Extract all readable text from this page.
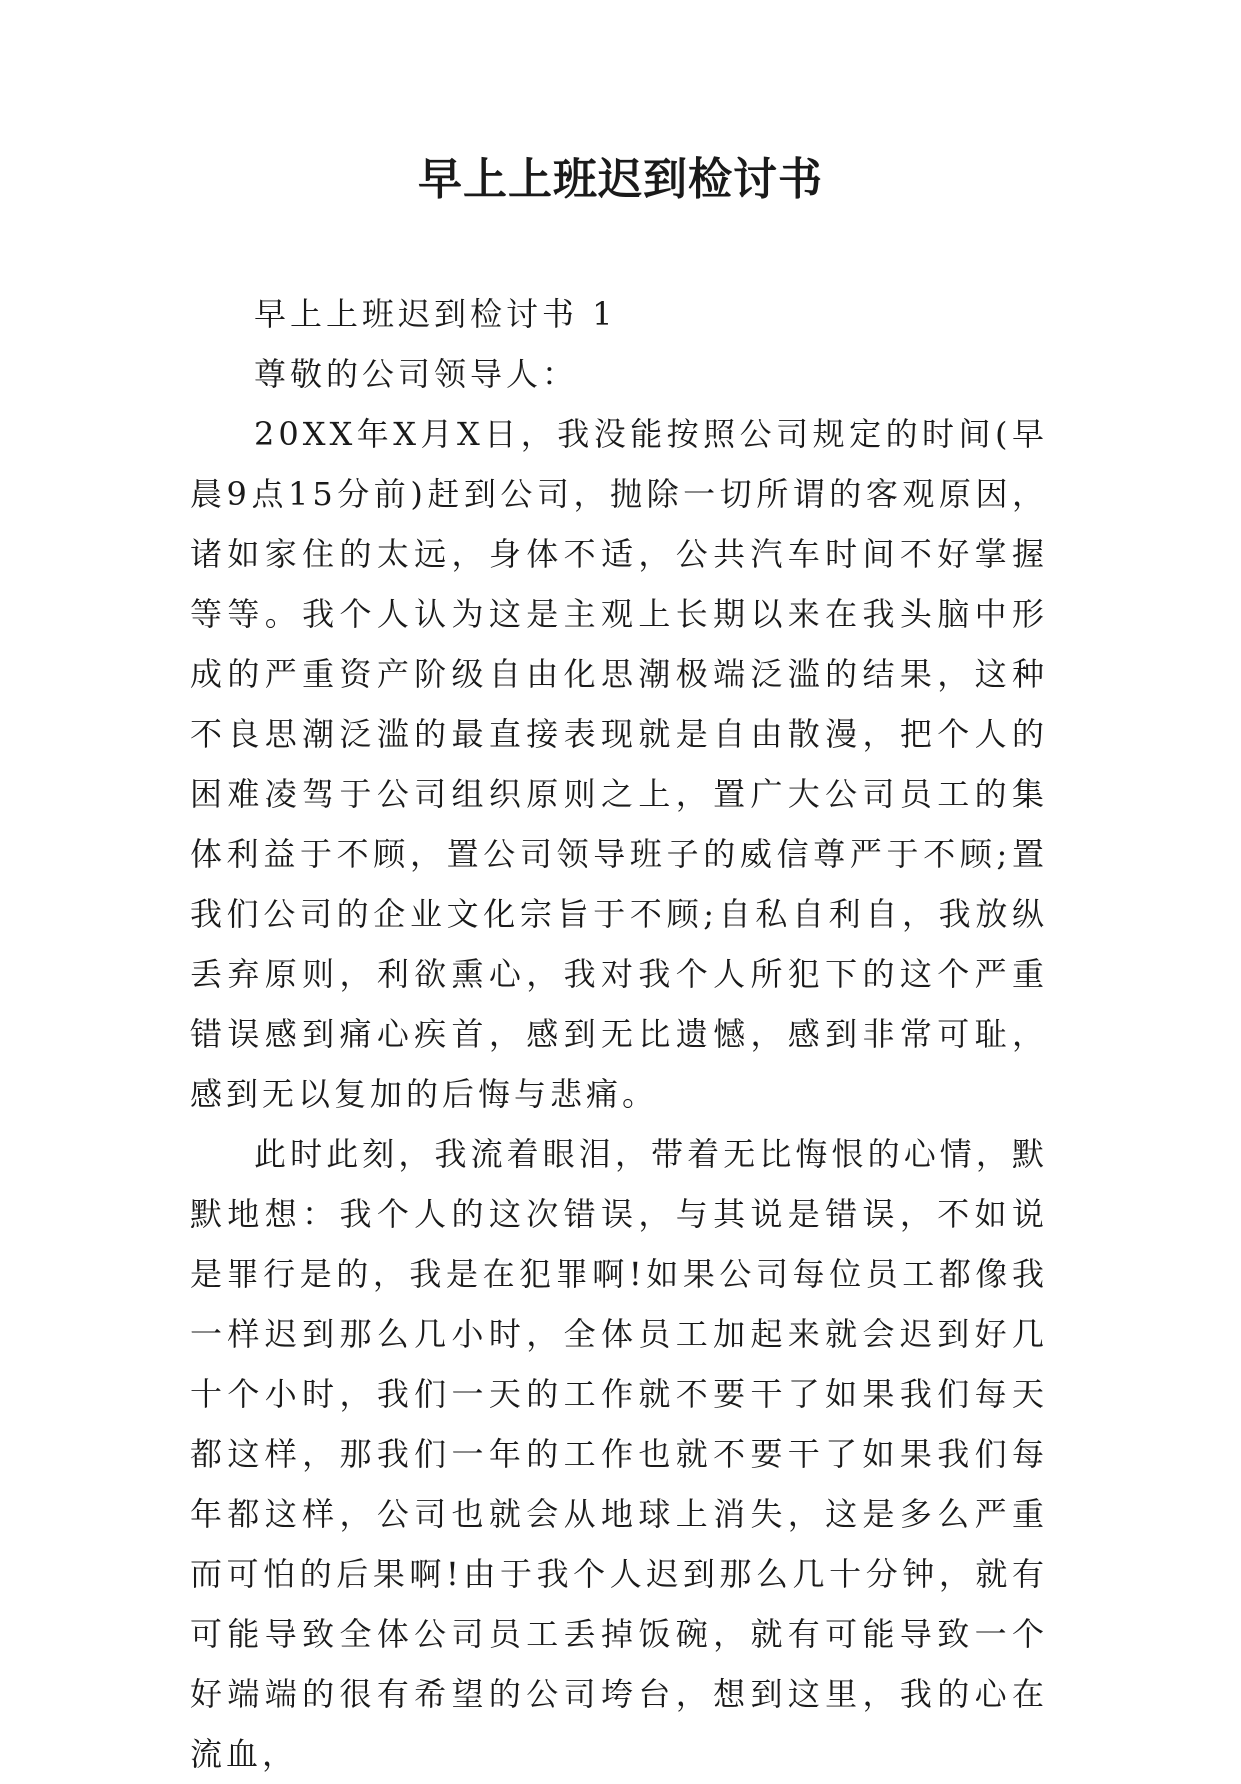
早上上班迟到检讨书

早上上班迟到检讨书 1

尊敬的公司领导人：

20XX年X月X日，我没能按照公司规定的时间(早晨9点15分前)赶到公司，抛除一切所谓的客观原因，诸如家住的太远，身体不适，公共汽车时间不好掌握等等。我个人认为这是主观上长期以来在我头脑中形成的严重资产阶级自由化思潮极端泛滥的结果，这种不良思潮泛滥的最直接表现就是自由散漫，把个人的困难凌驾于公司组织原则之上，置广大公司员工的集体利益于不顾，置公司领导班子的威信尊严于不顾;置我们公司的企业文化宗旨于不顾;自私自利自，我放纵丢弃原则，利欲熏心，我对我个人所犯下的这个严重错误感到痛心疾首，感到无比遗憾，感到非常可耻，感到无以复加的后悔与悲痛。

此时此刻，我流着眼泪，带着无比悔恨的心情，默默地想：我个人的这次错误，与其说是错误，不如说是罪行是的，我是在犯罪啊!如果公司每位员工都像我一样迟到那么几小时，全体员工加起来就会迟到好几十个小时，我们一天的工作就不要干了如果我们每天都这样，那我们一年的工作也就不要干了如果我们每年都这样，公司也就会从地球上消失，这是多么严重而可怕的后果啊!由于我个人迟到那么几十分钟，就有可能导致全体公司员工丢掉饭碗，就有可能导致一个好端端的很有希望的公司垮台，想到这里，我的心在流血，
